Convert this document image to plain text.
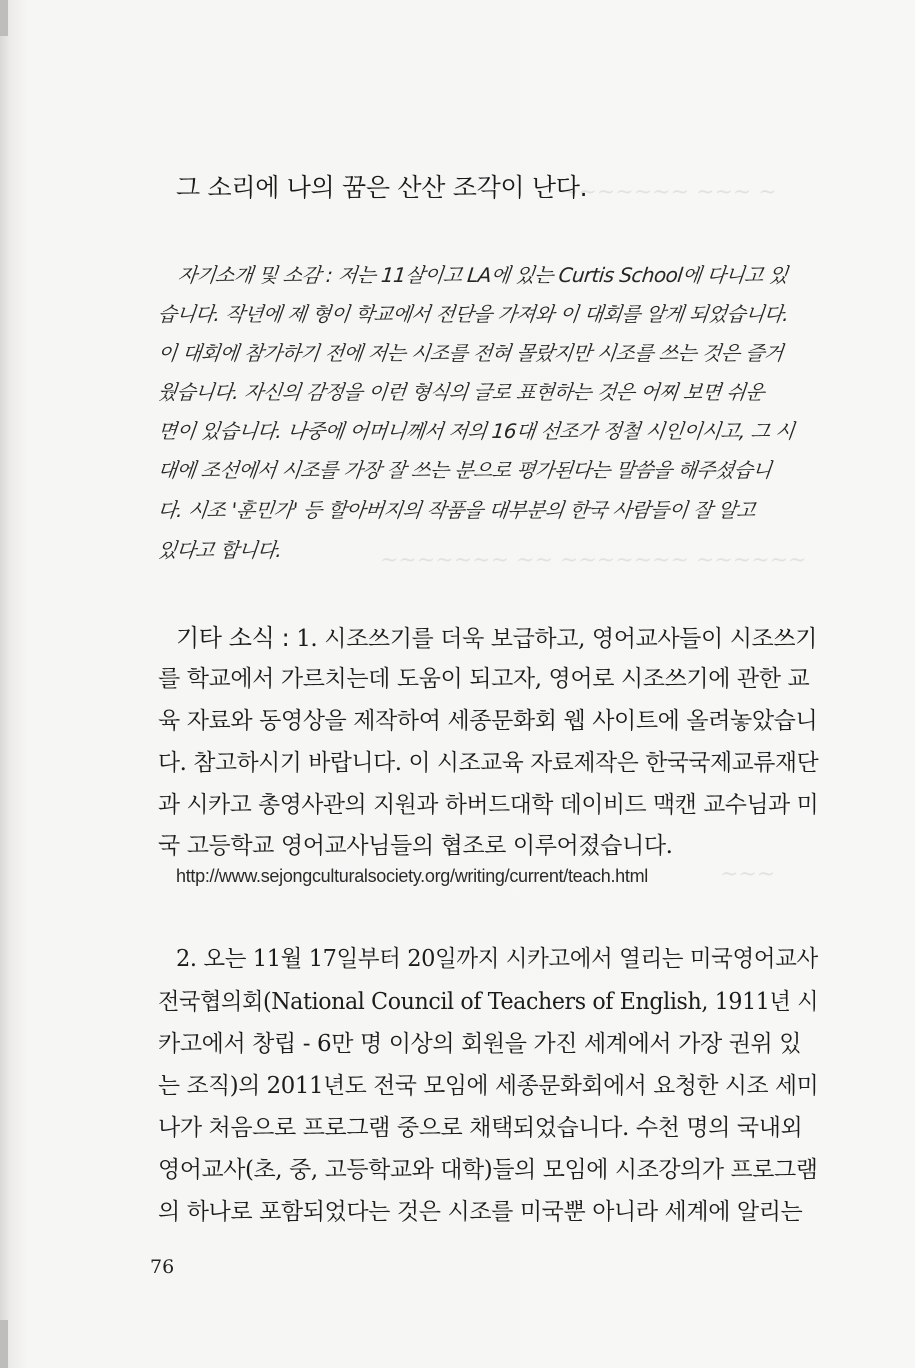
~~~~~~~ ~~~ ~
~~~~~~~ ~~ ~~~~~~~ ~~~~~~
~~~

그 소리에 나의 꿈은 산산 조각이 난다.

자기소개 및 소감 : 저는 11살이고 LA에 있는 Curtis School에 다니고 있

습니다. 작년에 제 형이 학교에서 전단을 가져와 이 대회를 알게 되었습니다.

이 대회에 참가하기 전에 저는 시조를 전혀 몰랐지만 시조를 쓰는 것은 즐거

웠습니다. 자신의 감정을 이런 형식의 글로 표현하는 것은 어찌 보면 쉬운

면이 있습니다. 나중에 어머니께서 저의 16대 선조가 정철 시인이시고, 그 시

대에 조선에서 시조를 가장 잘 쓰는 분으로 평가된다는 말씀을 해주셨습니

다. 시조 '훈민가' 등 할아버지의 작품을 대부분의 한국 사람들이 잘 알고

있다고 합니다.

기타 소식 : 1. 시조쓰기를 더욱 보급하고, 영어교사들이 시조쓰기

를 학교에서 가르치는데 도움이 되고자, 영어로 시조쓰기에 관한 교

육 자료와 동영상을 제작하여 세종문화회 웹 사이트에 올려놓았습니

다. 참고하시기 바랍니다. 이 시조교육 자료제작은 한국국제교류재단

과 시카고 총영사관의 지원과 하버드대학 데이비드 맥캔 교수님과 미

국 고등학교 영어교사님들의 협조로 이루어졌습니다.

http://www.sejongculturalsociety.org/writing/current/teach.html

2. 오는 11월 17일부터 20일까지 시카고에서 열리는 미국영어교사

전국협의회(National Council of Teachers of English, 1911년 시

카고에서 창립 - 6만 명 이상의 회원을 가진 세계에서 가장 권위 있

는 조직)의 2011년도 전국 모임에 세종문화회에서 요청한 시조 세미

나가 처음으로 프로그램 중으로 채택되었습니다. 수천 명의 국내외

영어교사(초, 중, 고등학교와 대학)들의 모임에 시조강의가 프로그램

의 하나로 포함되었다는 것은 시조를 미국뿐 아니라 세계에 알리는

76
